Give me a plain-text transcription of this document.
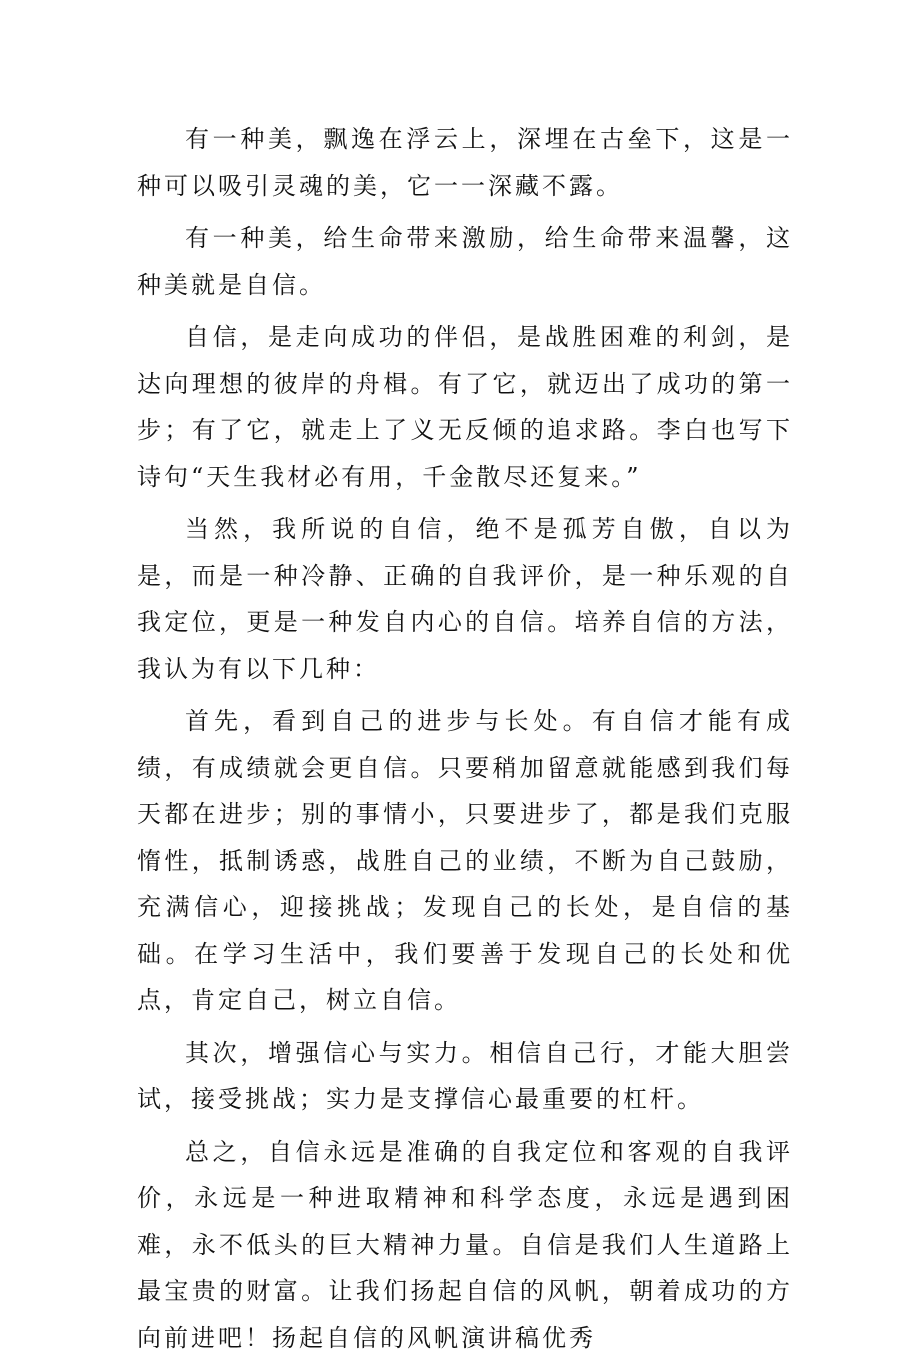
有一种美，飘逸在浮云上，深埋在古垒下，这是一种可以吸引灵魂的美，它一一深藏不露。

有一种美，给生命带来激励，给生命带来温馨，这种美就是自信。

自信，是走向成功的伴侣，是战胜困难的利剑，是达向理想的彼岸的舟楫。有了它，就迈出了成功的第一步；有了它，就走上了义无反倾的追求路。李白也写下诗句“天生我材必有用，千金散尽还复来。”

当然，我所说的自信，绝不是孤芳自傲，自以为是，而是一种冷静、正确的自我评价，是一种乐观的自我定位，更是一种发自内心的自信。培养自信的方法，我认为有以下几种：

首先，看到自己的进步与长处。有自信才能有成绩，有成绩就会更自信。只要稍加留意就能感到我们每天都在进步；别的事情小，只要进步了，都是我们克服惰性，抵制诱惑，战胜自己的业绩，不断为自己鼓励，充满信心，迎接挑战；发现自己的长处，是自信的基础。在学习生活中，我们要善于发现自己的长处和优点，肯定自己，树立自信。

其次，增强信心与实力。相信自己行，才能大胆尝试，接受挑战；实力是支撑信心最重要的杠杆。

总之，自信永远是准确的自我定位和客观的自我评价，永远是一种进取精神和科学态度，永远是遇到困难，永不低头的巨大精神力量。自信是我们人生道路上最宝贵的财富。让我们扬起自信的风帆，朝着成功的方向前进吧！扬起自信的风帆演讲稿优秀
